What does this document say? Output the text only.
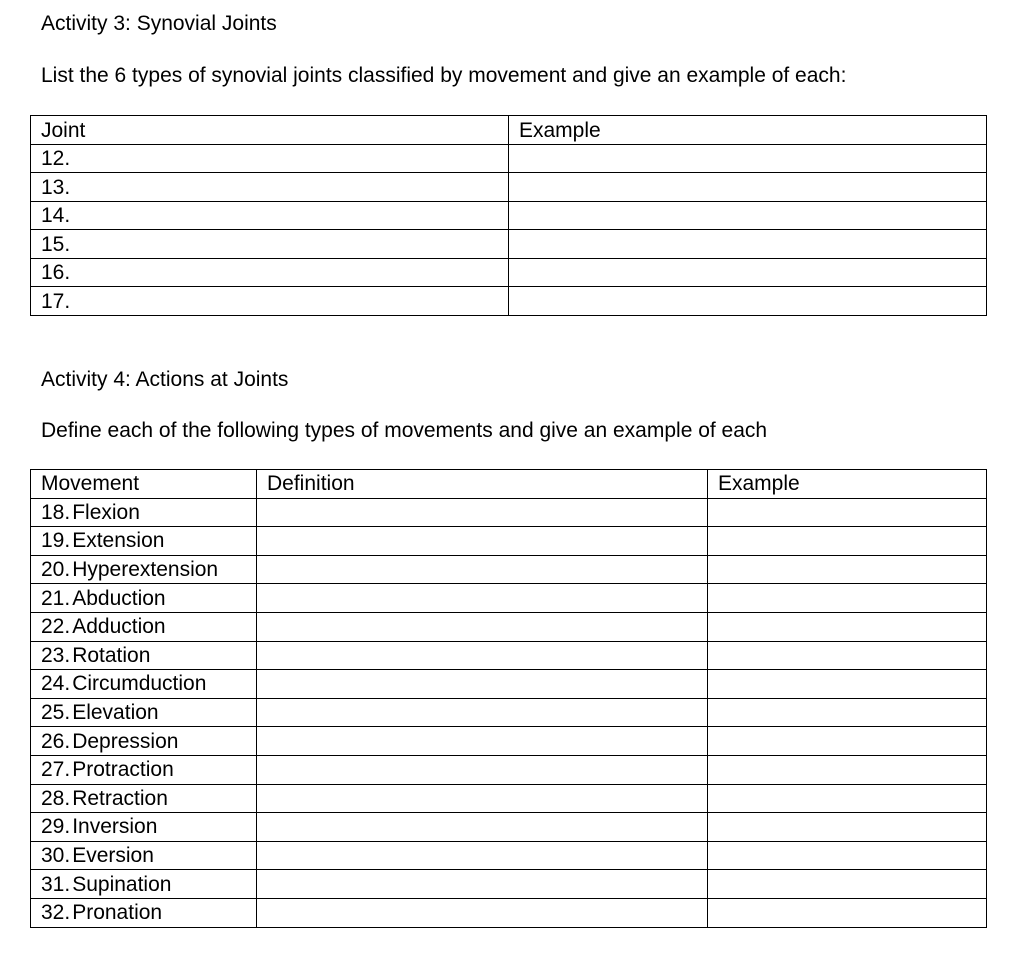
Activity 3: Synovial Joints
List the 6 types of synovial joints classified by movement and give an example of each:
Joint	Example
12.	
13.	
14.	
15.	
16.	
17.	
Activity 4: Actions at Joints
Define each of the following types of movements and give an example of each
Movement	Definition	Example
18.Flexion		
19.Extension		
20.Hyperextension		
21.Abduction		
22.Adduction		
23.Rotation		
24.Circumduction		
25.Elevation		
26.Depression		
27.Protraction		
28.Retraction		
29.Inversion		
30.Eversion		
31.Supination		
32.Pronation		
